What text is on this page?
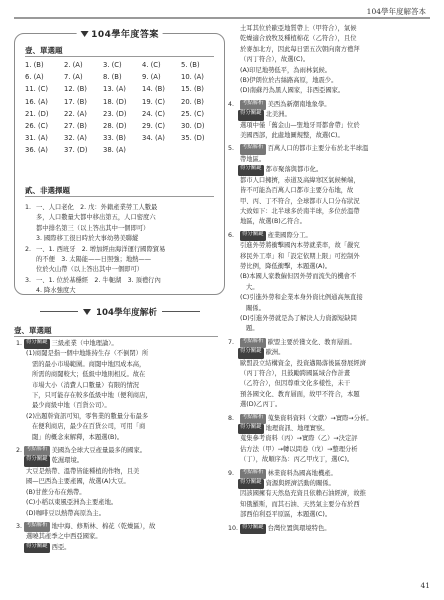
104學年度解答本
104學年度答案
壹、單選題
1. (B)	2. (A)	3. (C)	4. (C)	5. (B)
6. (A)	7. (A)	8. (B)	9. (A)	10. (A)
11. (C)	12. (B)	13. (A)	14. (B)	15. (B)
16. (A)	17. (B)	18. (D)	19. (C)	20. (B)
21. (D)	22. (A)	23. (D)	24. (C)	25. (C)
26. (C)	27. (B)	28. (D)	29. (C)	30. (D)
31. (A)	32. (A)	33. (B)	34. (A)	35. (D)
36. (A)	37. (D)	38. (A)
貳、非選擇題
1. 一、人口老化　2. 戊：外籍產業勞工人數最

多，人口數量大都中移出第五，人口密度六

都中排名第三（以上答出其中一個即可）

3. 國際移工很日時於大事幼勢美聯縱

2. 一、1. 西班牙　2. 增加經由海洋運行國際貿易

的不便　3. 太陽能——日照強；地熱——

位於火山帶（以上答出其中一個即可）

3. 一、1. 位於基穩經　2. 牛軛湖　3. 頂禮行內

4. 降水強度大

104學年度解析
壹、單選題
1. 得分關鍵 三級產業（中地理論）。
(1)商閾是指一個中地維持生存（不倒閉）所
需的最小市場範圍。商閾中地因成本高，
所需的商閾較大；低級中地則相反。故在
市場大小（消費人口數量）有限的情況
下，只可能存在較多低級中地（便利商店，
最少商級中地（百貨公司）。
(2)出題幹資訊可知，零售業的數量分布最多
在便利商店，最少在百貨公司，可用「商
閾」的概念來解釋，本題選(B)。
2. 考點解析 美國為全球大豆產量最多的國家。
得分關鍵 乾濕環境。
大豆是熱帶、溫帶皆能種植的作物，且美
國—巴西為主要產國，故選(A)大豆。
(B)甘蔗分布在熱帶。
(C)小稻以東風亞洲為主要產地。
(D)咖啡豆以熱帶高原為主。
3. 考點解析 地中海、修斯林、棉花（乾燥區），故
選曉其產季之中西亞國家。
得分關鍵 西亞。
土耳其位於歐亞地質帶上（甲符合），氣候
乾燥適合放牧及種植棉花（乙符合），且位
於麥加北方，因此每日需五次朝向南方禮拜
（丙丁符合），故選(C)。
(A)印尼地勢低平，為雨林氣候。
(B)伊朗位於古絲路高原，地震少。
(D)南蘇丹為黑人國家，非西亞國家。
4.	考點解析 美西為新潮南地象學。
得分關鍵 北美洲。
選項中僅「舊金山—聖地牙哥都會帶」位於
美國西部，此處地圖規整，故選(C)。
5.	考點解析 百萬人口的都市主要分布於北半球溫
帶地區。
得分關鍵 都市聚落與都市化。
都市人口擁擠，赤道及高緯寒区氣候極端，
皆不可能為百萬人口都市主要分布地，故
甲、丙、丁不符合，全球都市人口分布狀況
大致如下：北半球多於南半球，多位於溫帶
地區，故選(B)乙符合。
6.	得分關鍵 產業國際分工。
引進外勞將衝擊國內本勞就業率，故「嚴究
移民外工率」和「設定依期上限」可控制外
勞比例，降低衝擊，本題選(A)。
(B)本國人家教僱但因外勞而流失的機會不
大。
(C)引進外勞和企業本身外資比例通高無直接
關係。
(D)引進外勞就是為了解決人力資源短缺問
題。
7.	考點解析 歐盟主要於獲文化、教育層面。
得分關鍵 歐洲。
歐盟設立結構資金，投資邁陽落後區發展經濟
（丙丁符合），且鼓勵跨國區域合作計畫
（乙符合），但因尊重文化多樣性，未干
預各國文化、教育層面，故甲不符合，本題
選(D)乙丙丁。
8.	考點解析 蒐集資料資料（文獻）→實際→分析。
得分關鍵 地理資訊、地理實察。
蒐集參考資料（丙）→實際（乙）→決定評
估方法（甲）→轉以問卷（戊）→整理分析
（丁），故順序為：丙乙甲戊丁，選(C)。
9.	考點解析 林業資料為國高地機產。
得分關鍵 資源與經濟活動的關係。
因該國擁有天然島充資且依賴石油經濟，故推
知俄羅斯，而其石油、天然氣主要分布於西
部西伯利亞平原區，本題選(C)。
10. 得分關鍵 台灣位置與環境特色。
41
